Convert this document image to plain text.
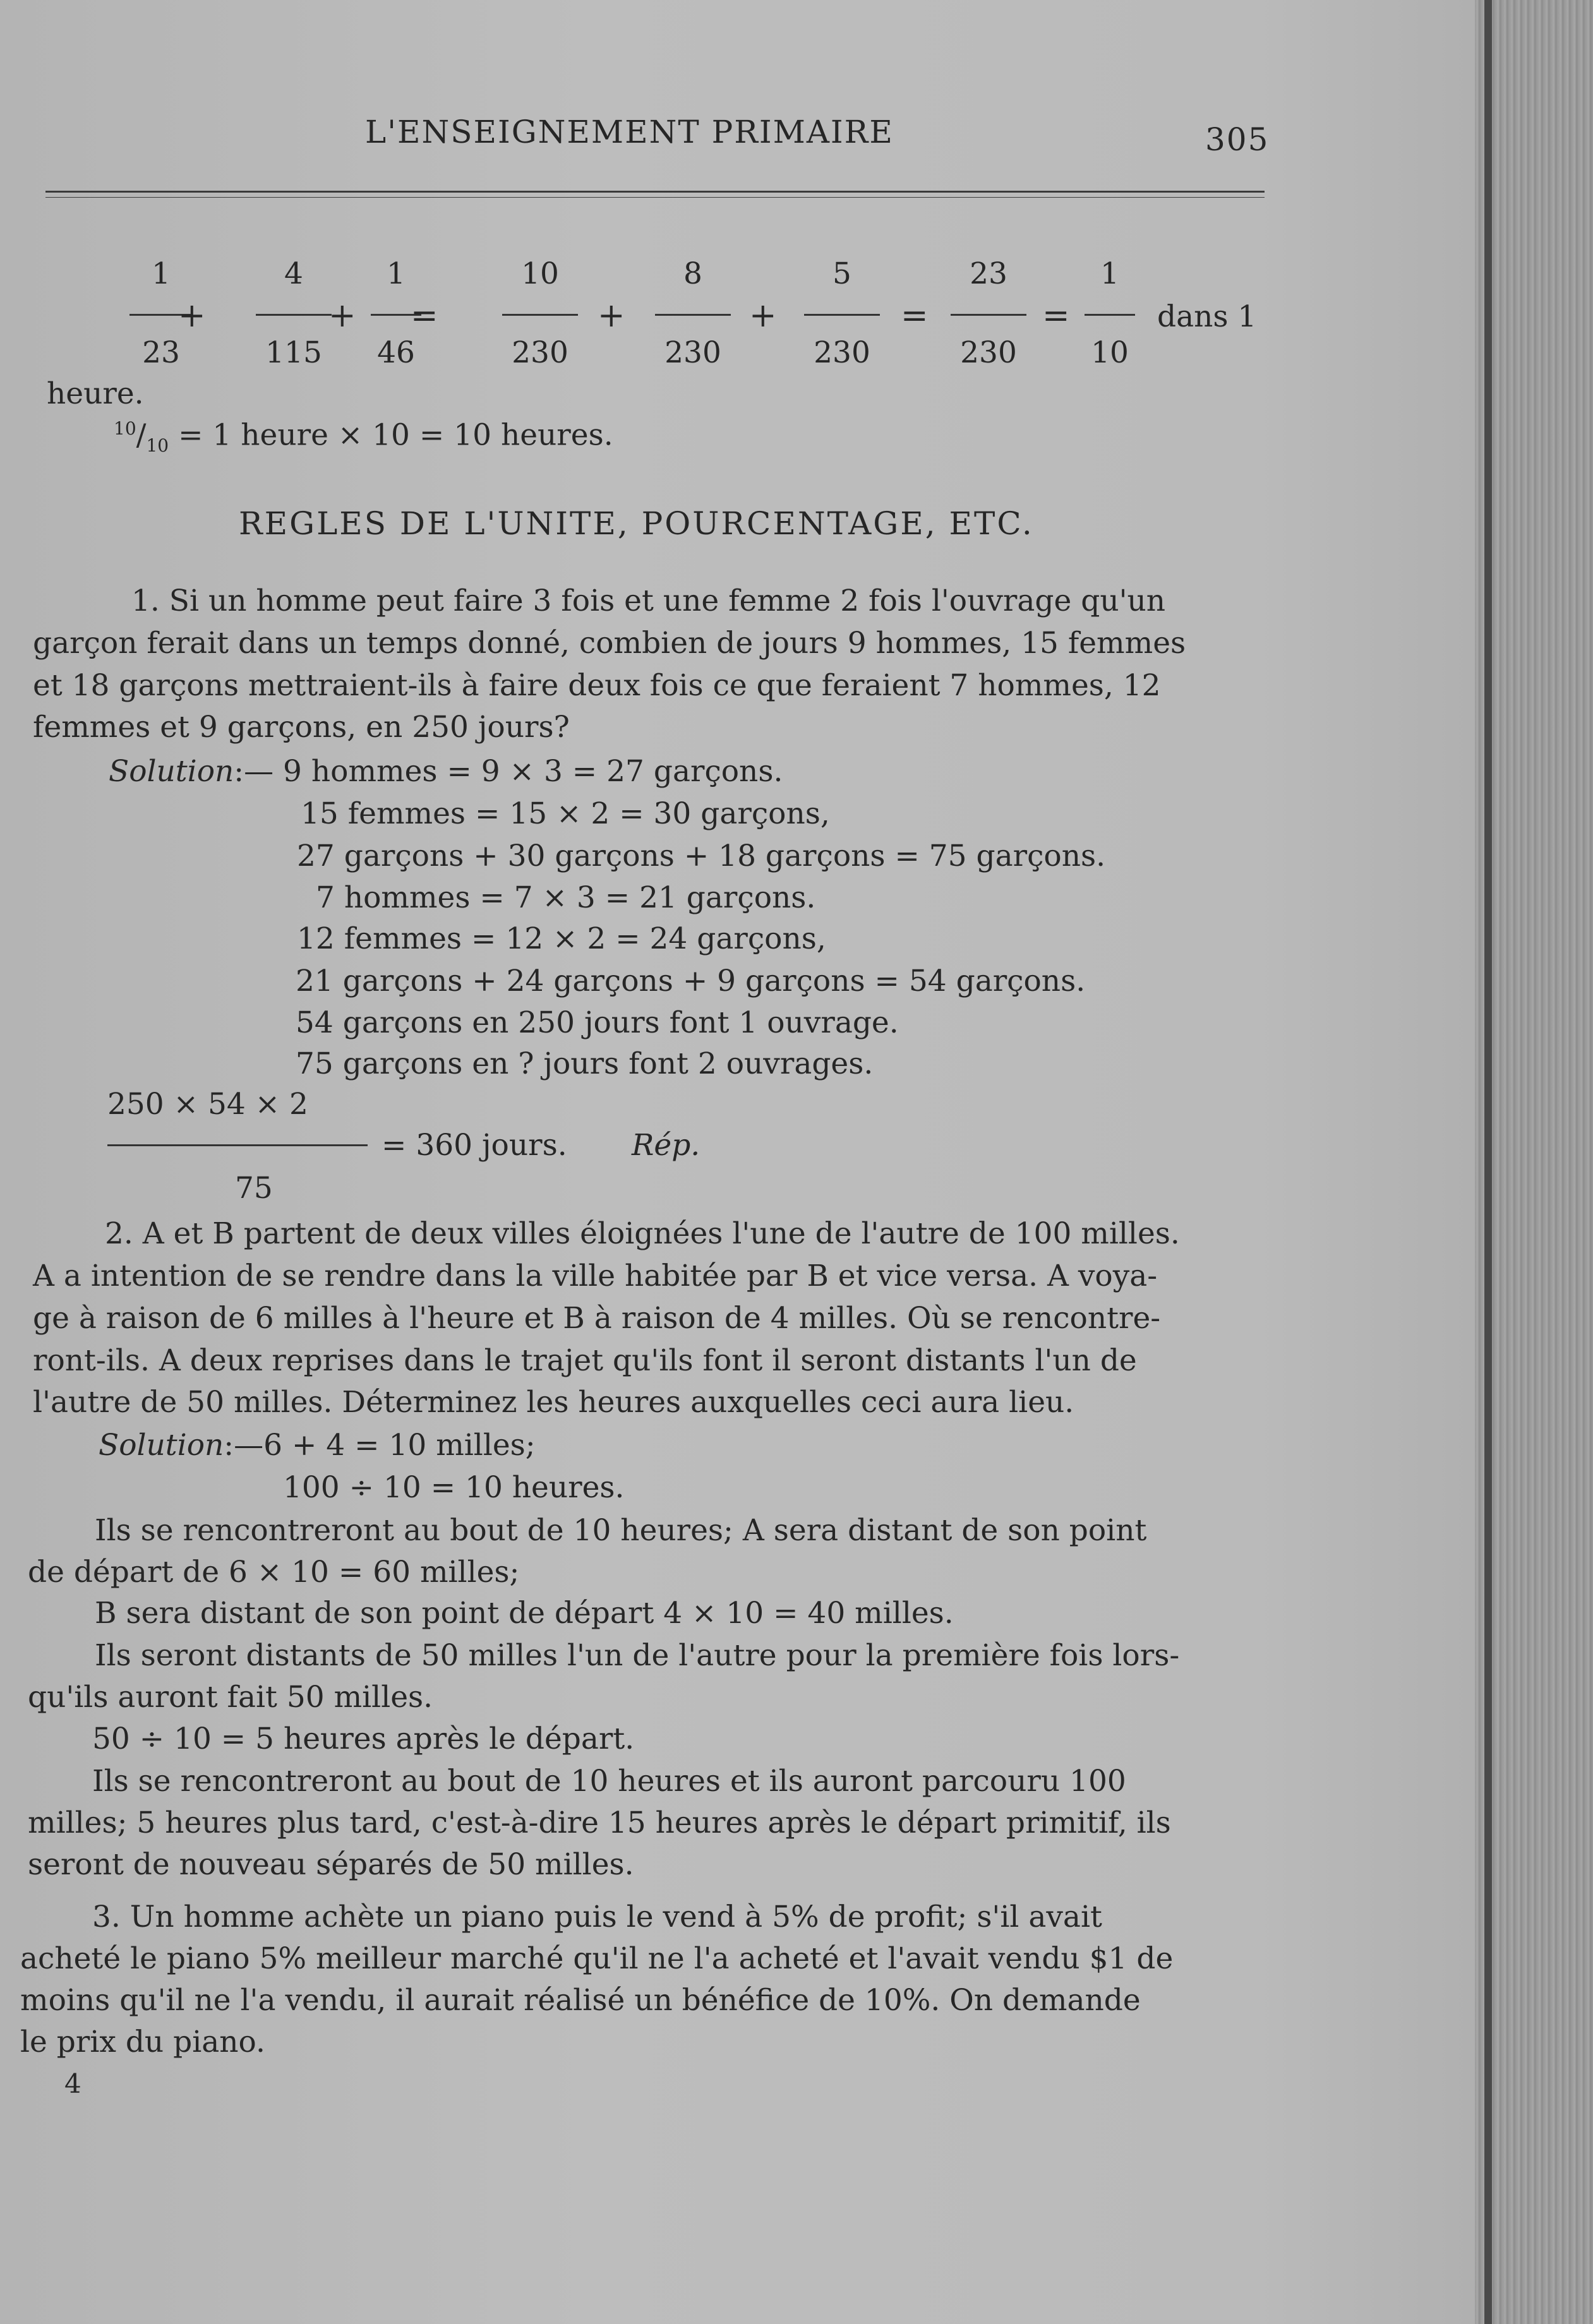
L'ENSEIGNEMENT PRIMAIRE	305
1
23
4
115
1
46
10
230
8
230
5
230
23
230
1
10
+	+ =	+	+	=	=	dans 1
heure.
$^{10}/_{10} = 1$ heure × 10 = 10 heures.
REGLES DE L'UNITE, POURCENTAGE, ETC.
1. Si un homme peut faire 3 fois et une femme 2 fois l'ouvrage qu'un
garçon ferait dans un temps donné, combien de jours 9 hommes, 15 femmes
et 18 garçons mettraient-ils à faire deux fois ce que feraient 7 hommes, 12
femmes et 9 garçons, en 250 jours?
Solution:— 9 hommes = 9 × 3 = 27 garçons.
15 femmes = 15 × 2 = 30 garçons,
27 garçons + 30 garçons + 18 garçons = 75 garçons.
7 hommes = 7 × 3 = 21 garçons.
12 femmes = 12 × 2 = 24 garçons,
21 garçons + 24 garçons + 9 garçons = 54 garçons.
54 garçons en 250 jours font 1 ouvrage.
75 garçons en ? jours font 2 ouvrages.
250 × 54 × 2
= 360 jours. Rép.
75
2. A et B partent de deux villes éloignées l'une de l'autre de 100 milles.
A a intention de se rendre dans la ville habitée par B et vice versa. A voya-
ge à raison de 6 milles à l'heure et B à raison de 4 milles. Où se rencontre-
ront-ils. A deux reprises dans le trajet qu'ils font il seront distants l'un de
l'autre de 50 milles. Déterminez les heures auxquelles ceci aura lieu.
Solution:—6 + 4 = 10 milles;
100 ÷ 10 = 10 heures.
Ils se rencontreront au bout de 10 heures; A sera distant de son point
de départ de 6 × 10 = 60 milles;
B sera distant de son point de départ 4 × 10 = 40 milles.
Ils seront distants de 50 milles l'un de l'autre pour la première fois lors-
qu'ils auront fait 50 milles.
50 ÷ 10 = 5 heures après le départ.
Ils se rencontreront au bout de 10 heures et ils auront parcouru 100
milles; 5 heures plus tard, c'est-à-dire 15 heures après le départ primitif, ils
seront de nouveau séparés de 50 milles.
3. Un homme achète un piano puis le vend à 5% de profit; s'il avait
acheté le piano 5% meilleur marché qu'il ne l'a acheté et l'avait vendu $1 de
moins qu'il ne l'a vendu, il aurait réalisé un bénéfice de 10%. On demande
le prix du piano.
4
